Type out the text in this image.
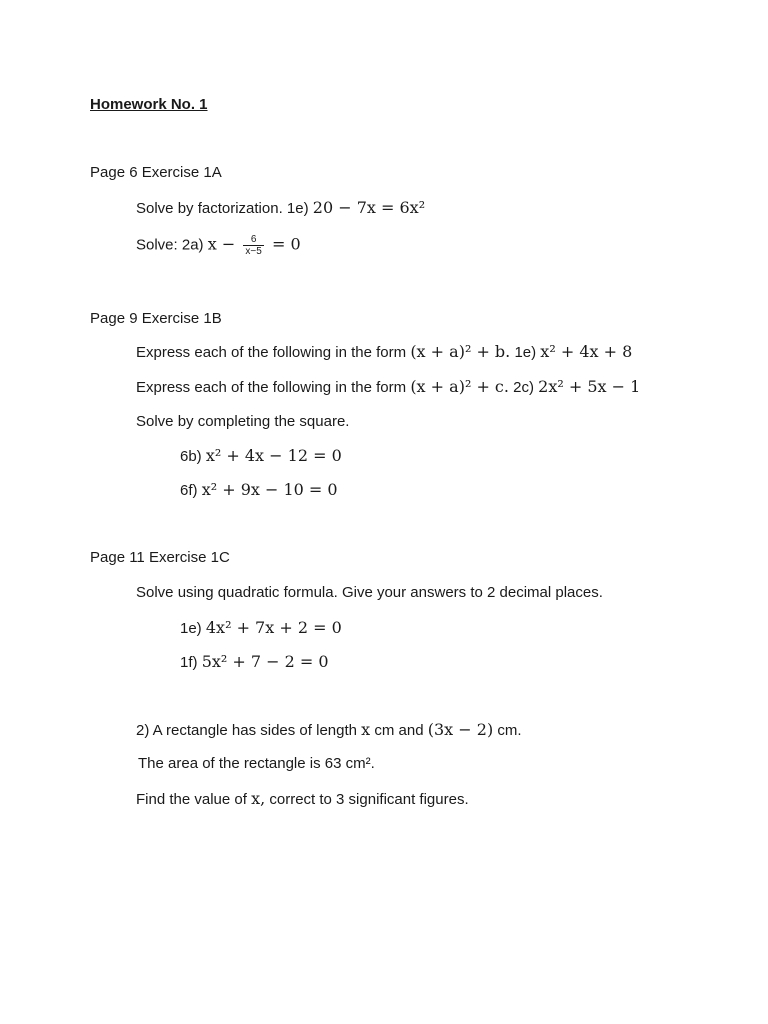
Homework No. 1
Page 6 Exercise 1A
Solve by factorization. 1e) 20 − 7x = 6x²
Solve: 2a) $x - \frac{6}{x-5} = 0$
Page 9 Exercise 1B
Express each of the following in the form (x + a)² + b. 1e) x² + 4x + 8
Express each of the following in the form (x + a)² + c. 2c) 2x² + 5x − 1
Solve by completing the square.
6b) x² + 4x − 12 = 0
6f) x² + 9x − 10 = 0
Page 11 Exercise 1C
Solve using quadratic formula. Give your answers to 2 decimal places.
1e) 4x² + 7x + 2 = 0
1f) 5x² + 7 − 2 = 0
2) A rectangle has sides of length x cm and (3x − 2) cm.
The area of the rectangle is 63 cm².
Find the value of x, correct to 3 significant figures.
